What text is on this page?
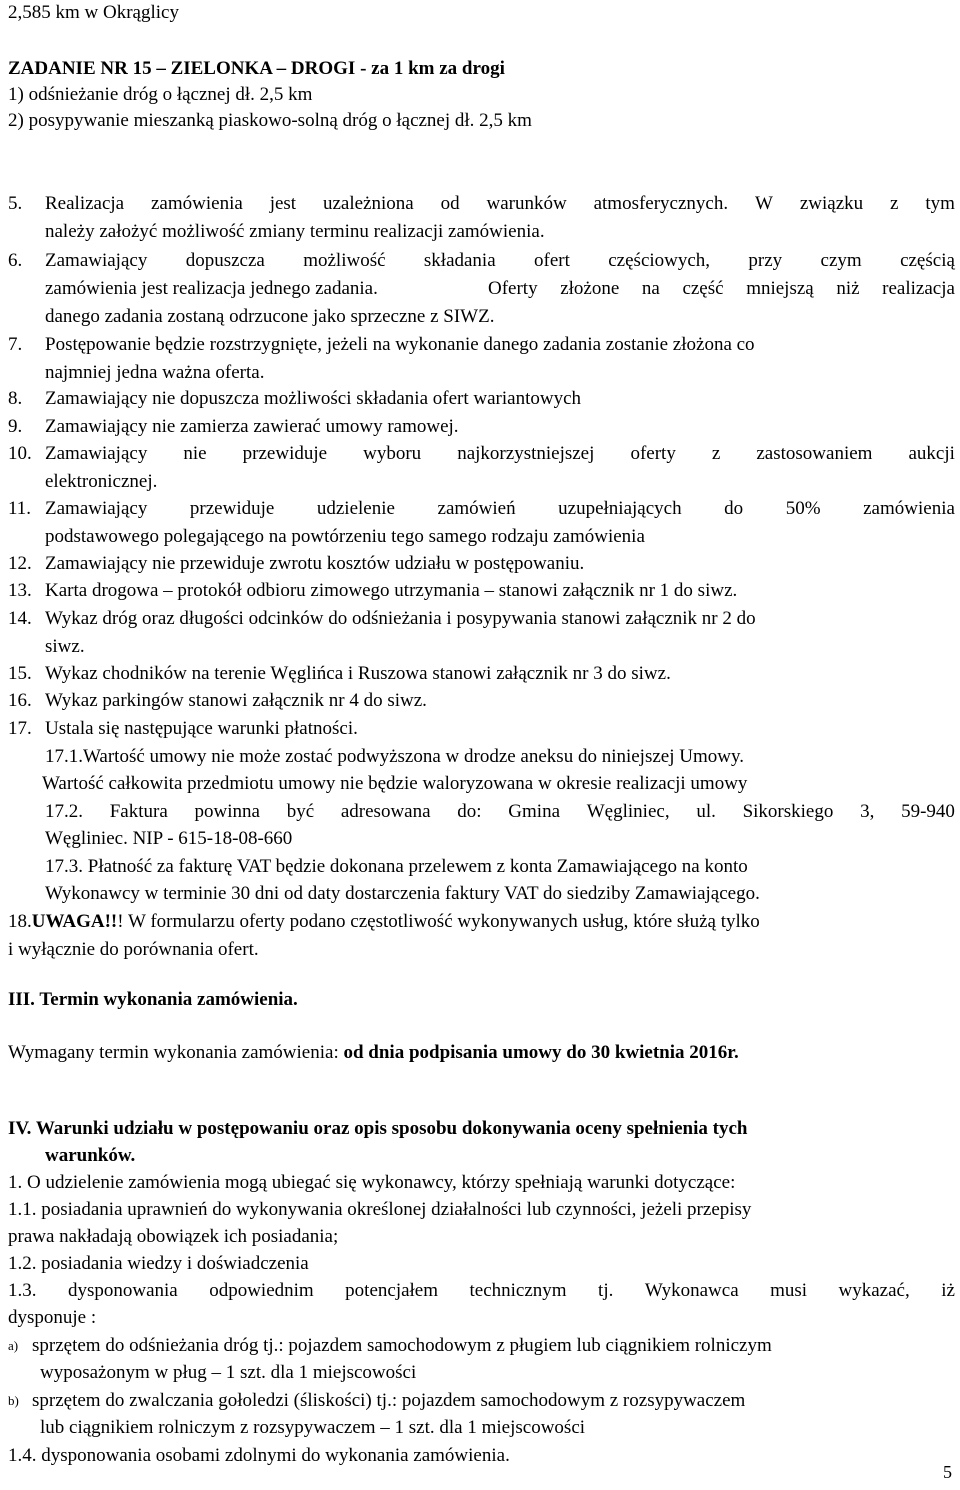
2,585 km w Okrąglicy
ZADANIE NR 15 – ZIELONKA – DROGI - za 1 km za drogi
1) odśnieżanie dróg o łącznej dł. 2,5 km
2) posypywanie mieszanką piaskowo-solną dróg o łącznej dł. 2,5 km
5. Realizacja zamówienia jest uzależniona od warunków atmosferycznych. W związku z tym
należy założyć możliwość zmiany terminu realizacji zamówienia.
6. Zamawiający dopuszcza możliwość składania ofert częściowych, przy czym częścią
zamówienia jest realizacja jednego zadania.	Oferty złożone na część mniejszą niż realizacja
danego zadania zostaną odrzucone jako sprzeczne z SIWZ.
7. Postępowanie będzie rozstrzygnięte, jeżeli na wykonanie danego zadania zostanie złożona co
najmniej jedna ważna oferta.
8. Zamawiający nie dopuszcza możliwości składania ofert wariantowych
9. Zamawiający nie zamierza zawierać umowy ramowej.
10. Zamawiający nie przewiduje wyboru najkorzystniejszej oferty z zastosowaniem aukcji
elektronicznej.
11. Zamawiający przewiduje udzielenie zamówień uzupełniających do 50% zamówienia
podstawowego polegającego na powtórzeniu tego samego rodzaju zamówienia
12. Zamawiający nie przewiduje zwrotu kosztów udziału w postępowaniu.
13. Karta drogowa – protokół odbioru zimowego utrzymania – stanowi załącznik nr 1 do siwz.
14. Wykaz dróg oraz długości odcinków do odśnieżania i posypywania stanowi załącznik nr 2 do
siwz.
15. Wykaz chodników na terenie Węglińca i Ruszowa stanowi załącznik nr 3 do siwz.
16. Wykaz parkingów stanowi załącznik nr 4 do siwz.
17. Ustala się następujące warunki płatności.
17.1.Wartość umowy nie może zostać podwyższona w drodze aneksu do niniejszej Umowy.
Wartość całkowita przedmiotu umowy nie będzie waloryzowana w okresie realizacji umowy
17.2. Faktura powinna być adresowana do: Gmina Węgliniec, ul. Sikorskiego 3, 59-940
Węgliniec. NIP - 615-18-08-660
17.3. Płatność za fakturę VAT będzie dokonana przelewem z konta Zamawiającego na konto
Wykonawcy w terminie 30 dni od daty dostarczenia faktury VAT do siedziby Zamawiającego.
18.UWAGA!!! W formularzu oferty podano częstotliwość wykonywanych usług, które służą tylko
i wyłącznie do porównania ofert.
III. Termin wykonania zamówienia.
Wymagany termin wykonania zamówienia: od dnia podpisania umowy do 30 kwietnia 2016r.
IV. Warunki udziału w postępowaniu oraz opis sposobu dokonywania oceny spełnienia tych
warunków.
1. O udzielenie zamówienia mogą ubiegać się wykonawcy, którzy spełniają warunki dotyczące:
1.1. posiadania uprawnień do wykonywania określonej działalności lub czynności, jeżeli przepisy
prawa nakładają obowiązek ich posiadania;
1.2. posiadania wiedzy i doświadczenia
1.3. dysponowania odpowiednim potencjałem technicznym tj. Wykonawca musi wykazać, iż
dysponuje :
a) sprzętem do odśnieżania dróg tj.: pojazdem samochodowym z pługiem lub ciągnikiem rolniczym
wyposażonym w pług – 1 szt. dla 1 miejscowości
b) sprzętem do zwalczania gołoledzi (śliskości) tj.: pojazdem samochodowym z rozsypywaczem
lub ciągnikiem rolniczym z rozsypywaczem – 1 szt. dla 1 miejscowości
1.4. dysponowania osobami zdolnymi do wykonania zamówienia.
5
